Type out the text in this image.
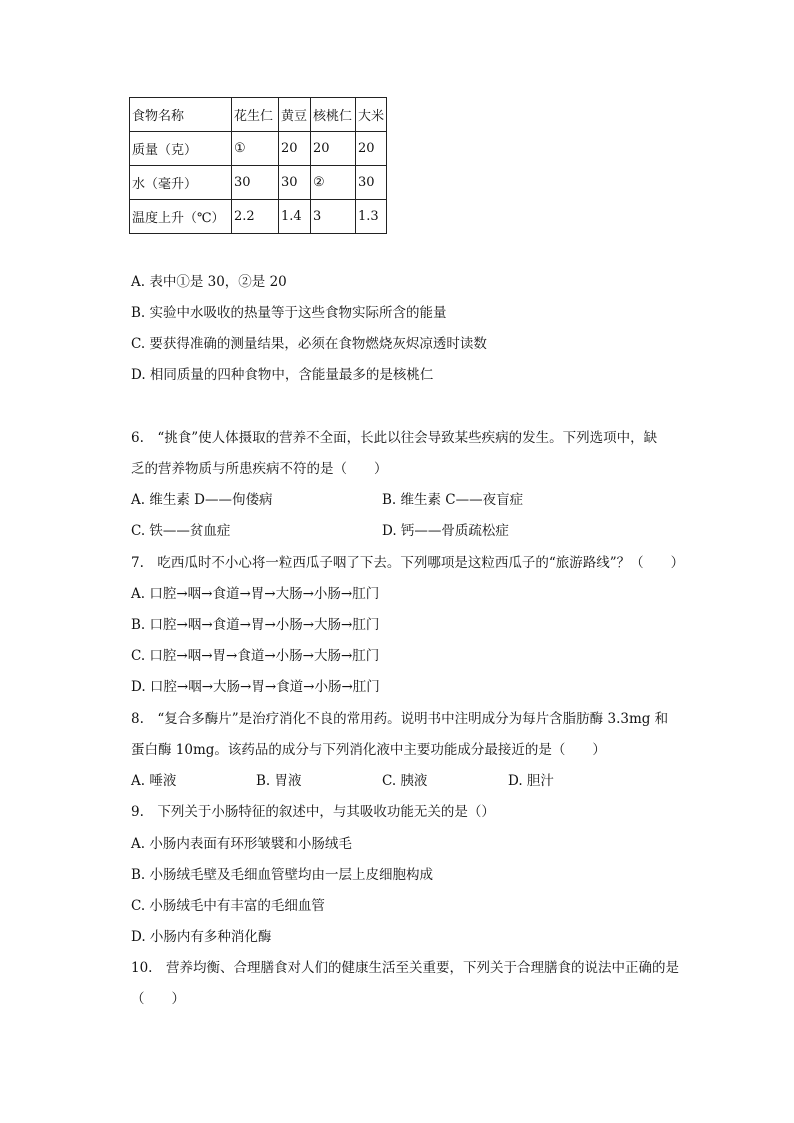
食物名称	花生仁	黄豆	核桃仁	大米
质量（克）	①	20	20	20
水（毫升）	30	30	②	30
温度上升（℃）	2.2	1.4	3	1.3
A. 表中①是 30，②是 20
B. 实验中水吸收的热量等于这些食物实际所含的能量
C. 要获得准确的测量结果，必须在食物燃烧灰烬凉透时读数
D. 相同质量的四种食物中，含能量最多的是核桃仁
6.　“挑食”使人体摄取的营养不全面，长此以往会导致某些疾病的发生。下列选项中，缺
乏的营养物质与所患疾病不符的是（　　）
A. 维生素 D——佝偻病	B. 维生素 C——夜盲症
C. 铁——贫血症	D. 钙——骨质疏松症
7.　吃西瓜时不小心将一粒西瓜子咽了下去。下列哪项是这粒西瓜子的“旅游路线”？（　　）
A. 口腔→咽→食道→胃→大肠→小肠→肛门
B. 口腔→咽→食道→胃→小肠→大肠→肛门
C. 口腔→咽→胃→食道→小肠→大肠→肛门
D. 口腔→咽→大肠→胃→食道→小肠→肛门
8.　“复合多酶片”是治疗消化不良的常用药。说明书中注明成分为每片含脂肪酶 3.3mg 和
蛋白酶 10mg。该药品的成分与下列消化液中主要功能成分最接近的是（　　）
A. 唾液	B. 胃液	C. 胰液	D. 胆汁
9.　下列关于小肠特征的叙述中，与其吸收功能无关的是（）
A. 小肠内表面有环形皱襞和小肠绒毛
B. 小肠绒毛壁及毛细血管壁均由一层上皮细胞构成
C. 小肠绒毛中有丰富的毛细血管
D. 小肠内有多种消化酶
10.　营养均衡、合理膳食对人们的健康生活至关重要，下列关于合理膳食的说法中正确的是
（　　）
